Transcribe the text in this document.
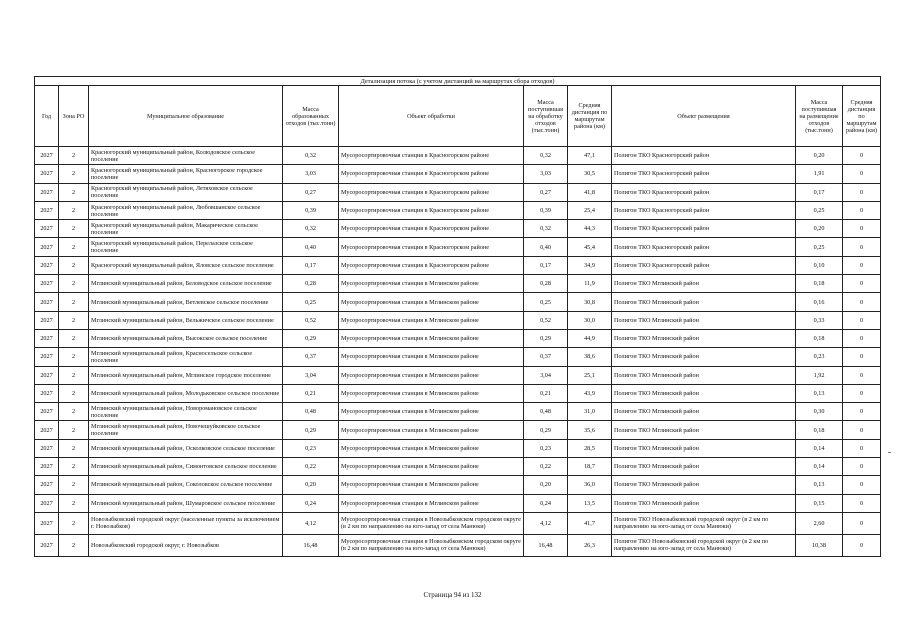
Детализация потока (с учетом дистанций на маршрутах сбора отходов)									
Год	Зона РО	Муниципальное образование	Масса образованных отходов (тыс.тонн)	Объект обработки	Масса поступившая на обработку отходов (тыс.тонн)	Средняя дистанция по маршрутам района (км)	Объект размещения	Масса поступившая на размещение отходов (тыс.тонн)	Средняя дистанция по маршрутам района (км)
2027	2	Красногорский муниципальный район, Колюдовское сельское поселение	0,32	Мусоросортировочная станция в Красногорском районе	0,32	47,1	Полигон ТКО Красногорский район	0,20	0
2027	2	Красногорский муниципальный район, Красногорское городское поселение	3,03	Мусоросортировочная станция в Красногорском районе	3,03	30,5	Полигон ТКО Красногорский район	1,91	0
2027	2	Красногорский муниципальный район, Летяховское сельское поселение	0,27	Мусоросортировочная станция в Красногорском районе	0,27	41,8	Полигон ТКО Красногорский район	0,17	0
2027	2	Красногорский муниципальный район, Любовшанское сельское поселение	0,39	Мусоросортировочная станция в Красногорском районе	0,39	25,4	Полигон ТКО Красногорский район	0,25	0
2027	2	Красногорский муниципальный район, Макарическое сельское поселение	0,32	Мусоросортировочная станция в Красногорском районе	0,32	44,3	Полигон ТКО Красногорский район	0,20	0
2027	2	Красногорский муниципальный район, Перелазское сельское поселение	0,40	Мусоросортировочная станция в Красногорском районе	0,40	45,4	Полигон ТКО Красногорский район	0,25	0
2027	2	Красногорский муниципальный район, Яловское сельское поселение	0,17	Мусоросортировочная станция в Красногорском районе	0,17	34,9	Полигон ТКО Красногорский район	0,10	0
2027	2	Мглинский муниципальный район, Беловодское сельское поселение	0,28	Мусоросортировочная станция в Мглинском районе	0,28	11,9	Полигон ТКО Мглинский район	0,18	0
2027	2	Мглинский муниципальный район, Ветлевское сельское поселение	0,25	Мусоросортировочная станция в Мглинском районе	0,25	30,8	Полигон ТКО Мглинский район	0,16	0
2027	2	Мглинский муниципальный район, Вельжичское сельское поселение	0,52	Мусоросортировочная станция в Мглинском районе	0,52	30,0	Полигон ТКО Мглинский район	0,33	0
2027	2	Мглинский муниципальный район, Высокское сельское поселение	0,29	Мусоросортировочная станция в Мглинском районе	0,29	44,9	Полигон ТКО Мглинский район	0,18	0
2027	2	Мглинский муниципальный район, Красносельское сельское поселение	0,37	Мусоросортировочная станция в Мглинском районе	0,37	38,6	Полигон ТКО Мглинский район	0,23	0
2027	2	Мглинский муниципальный район, Мглинское городское поселение	3,04	Мусоросортировочная станция в Мглинском районе	3,04	25,1	Полигон ТКО Мглинский район	1,92	0
2027	2	Мглинский муниципальный район, Молодьковское сельское поселение	0,21	Мусоросортировочная станция в Мглинском районе	0,21	43,9	Полигон ТКО Мглинский район	0,13	0
2027	2	Мглинский муниципальный район, Новоромановское сельское поселение	0,48	Мусоросортировочная станция в Мглинском районе	0,48	31,0	Полигон ТКО Мглинский район	0,30	0
2027	2	Мглинский муниципальный район, Новочешуйковское сельское поселение	0,29	Мусоросортировочная станция в Мглинском районе	0,29	35,6	Полигон ТКО Мглинский район	0,18	0
2027	2	Мглинский муниципальный район, Осколковское сельское поселение	0,23	Мусоросортировочная станция в Мглинском районе	0,23	28,5	Полигон ТКО Мглинский район	0,14	0
2027	2	Мглинский муниципальный район, Симонтовское сельское поселение	0,22	Мусоросортировочная станция в Мглинском районе	0,22	18,7	Полигон ТКО Мглинский район	0,14	0
2027	2	Мглинский муниципальный район, Соколовское сельское поселение	0,20	Мусоросортировочная станция в Мглинском районе	0,20	36,0	Полигон ТКО Мглинский район	0,13	0
2027	2	Мглинский муниципальный район, Шумаровское сельское поселение	0,24	Мусоросортировочная станция в Мглинском районе	0,24	13,5	Полигон ТКО Мглинский район	0,15	0
2027	2	Новозыбковский городской округ (населенные пункты за исключением г. Новозыбков)	4,12	Мусоросортировочная станция в Новозыбковском городском округе (в 2 км по направлению на юго-запад от села Манюки)	4,12	41,7	Полигон ТКО Новозыбковский городской округ (в 2 км по направлению на юго-запад от села Манюки)	2,60	0
2027	2	Новозыбковский городской округ, г. Новозыбков	16,48	Мусоросортировочная станция в Новозыбковском городском округе (в 2 км по направлению на юго-запад от села Манюки)	16,48	26,3	Полигон ТКО Новозыбковский городской округ (в 2 км по направлению на юго-запад от села Манюки)	10,38	0
Страница 94 из 132
